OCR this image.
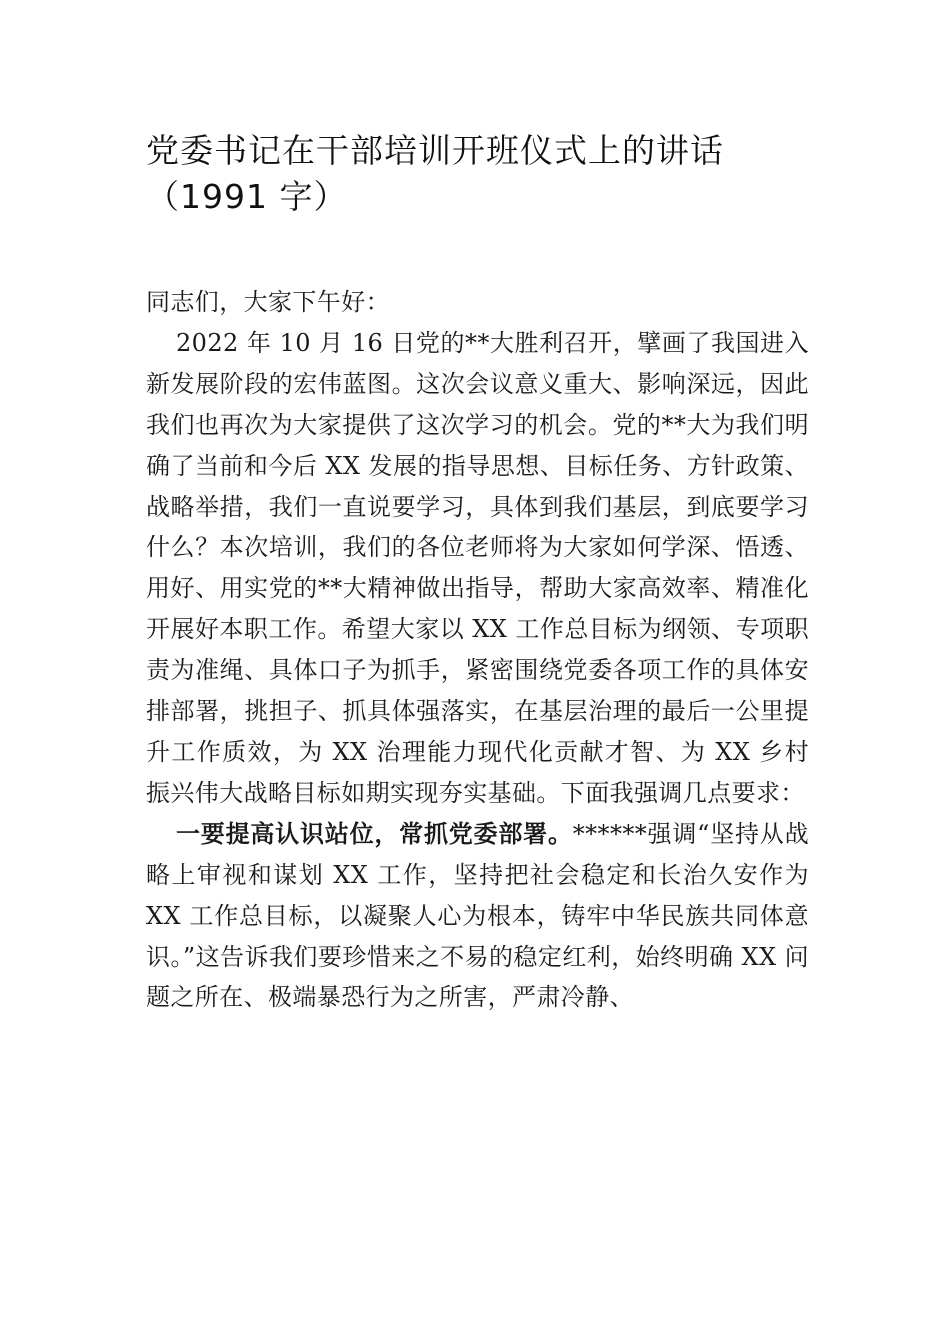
党委书记在干部培训开班仪式上的讲话
（1991 字）

同志们，大家下午好：

2022 年 10 月 16 日党的**大胜利召开，擘画了我国进入新发展阶段的宏伟蓝图。这次会议意义重大、影响深远，因此我们也再次为大家提供了这次学习的机会。党的**大为我们明确了当前和今后 XX 发展的指导思想、目标任务、方针政策、战略举措，我们一直说要学习，具体到我们基层，到底要学习什么？本次培训，我们的各位老师将为大家如何学深、悟透、用好、用实党的**大精神做出指导，帮助大家高效率、精准化开展好本职工作。希望大家以 XX 工作总目标为纲领、专项职责为准绳、具体口子为抓手，紧密围绕党委各项工作的具体安排部署，挑担子、抓具体强落实，在基层治理的最后一公里提升工作质效，为 XX 治理能力现代化贡献才智、为 XX 乡村振兴伟大战略目标如期实现夯实基础。下面我强调几点要求：

一要提高认识站位，常抓党委部署。******强调“坚持从战略上审视和谋划 XX 工作，坚持把社会稳定和长治久安作为 XX 工作总目标，以凝聚人心为根本，铸牢中华民族共同体意识。”这告诉我们要珍惜来之不易的稳定红利，始终明确 XX 问题之所在、极端暴恐行为之所害，严肃冷静、
